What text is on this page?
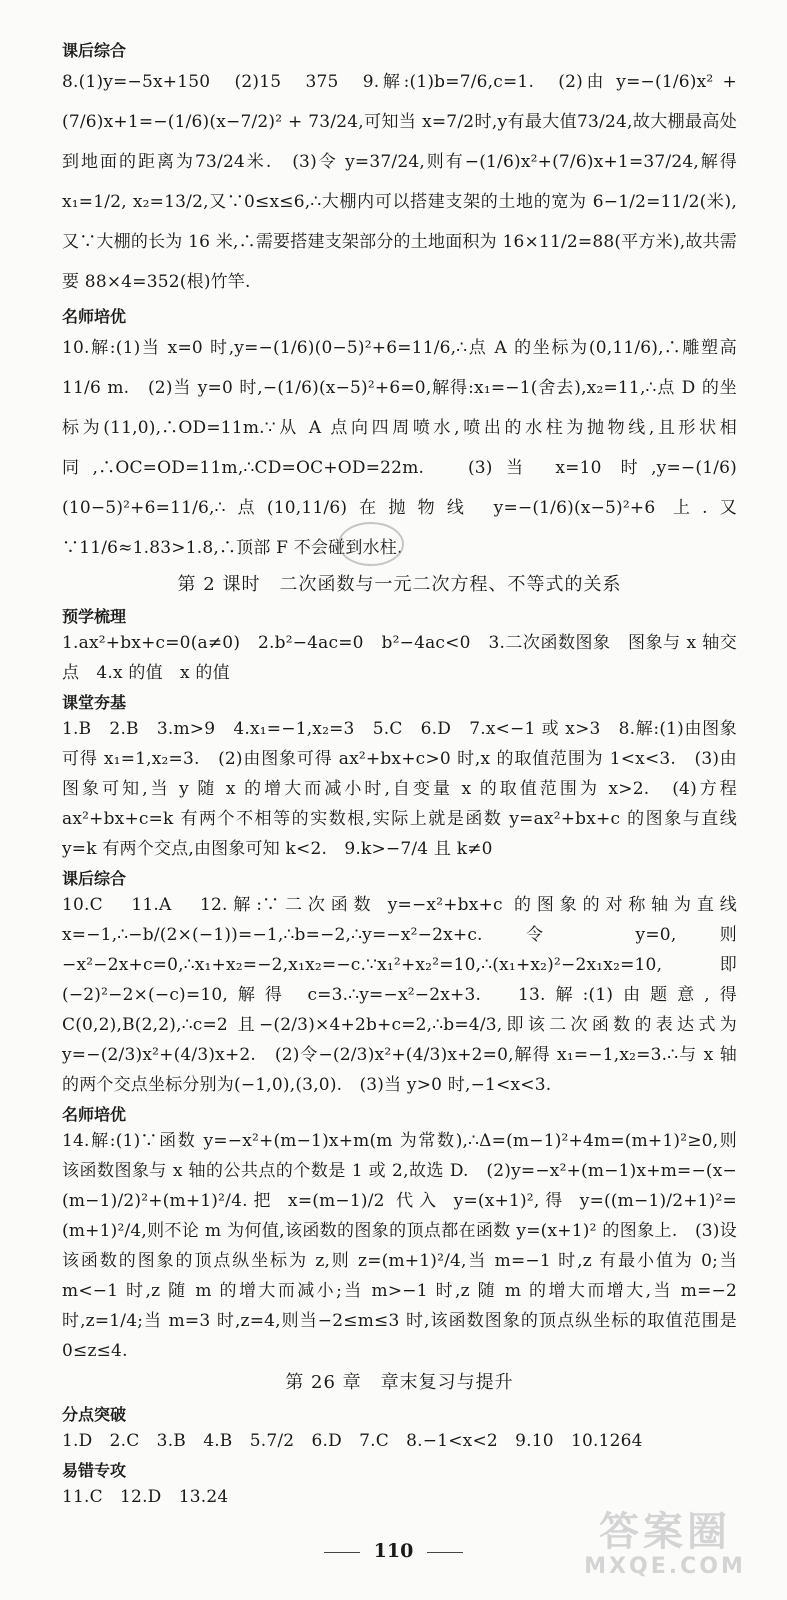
课后综合
8.(1)y=−5x+150　(2)15　375　9.解:(1)b=7/6,c=1.　(2)由 y=−(1/6)x² + (7/6)x+1=−(1/6)(x−7/2)² + 73/24,可知当 x=7/2时,y有最大值73/24,故大棚最高处到地面的距离为73/24米.　(3)令 y=37/24,则有−(1/6)x²+(7/6)x+1=37/24,解得 x₁=1/2, x₂=13/2,又∵0≤x≤6,∴大棚内可以搭建支架的土地的宽为 6−1/2=11/2(米),又∵大棚的长为 16 米,∴需要搭建支架部分的土地面积为 16×11/2=88(平方米),故共需要 88×4=352(根)竹竿.
名师培优
10.解:(1)当 x=0 时,y=−(1/6)(0−5)²+6=11/6,∴点 A 的坐标为(0,11/6),∴雕塑高11/6 m.　(2)当 y=0 时,−(1/6)(x−5)²+6=0,解得:x₁=−1(舍去),x₂=11,∴点 D 的坐标为(11,0),∴OD=11m.∵从 A 点向四周喷水,喷出的水柱为抛物线,且形状相同,∴OC=OD=11m,∴CD=OC+OD=22m.　(3)当 x=10 时,y=−(1/6)(10−5)²+6=11/6,∴点(10,11/6)在抛物线 y=−(1/6)(x−5)²+6 上.又∵11/6≈1.83>1.8,∴顶部 F 不会碰到水柱.
第 2 课时　二次函数与一元二次方程、不等式的关系
预学梳理
1.ax²+bx+c=0(a≠0)　2.b²−4ac=0　b²−4ac<0　3.二次函数图象　图象与 x 轴交点　4.x 的值　x 的值
课堂夯基
1.B　2.B　3.m>9　4.x₁=−1,x₂=3　5.C　6.D　7.x<−1 或 x>3　8.解:(1)由图象可得 x₁=1,x₂=3.　(2)由图象可得 ax²+bx+c>0 时,x 的取值范围为 1<x<3.　(3)由图象可知,当 y 随 x 的增大而减小时,自变量 x 的取值范围为 x>2.　(4)方程 ax²+bx+c=k 有两个不相等的实数根,实际上就是函数 y=ax²+bx+c 的图象与直线 y=k 有两个交点,由图象可知 k<2.　9.k>−7/4 且 k≠0
课后综合
10.C　11.A　12.解:∵二次函数 y=−x²+bx+c 的图象的对称轴为直线 x=−1,∴−b/(2×(−1))=−1,∴b=−2,∴y=−x²−2x+c.令 y=0,则−x²−2x+c=0,∴x₁+x₂=−2,x₁x₂=−c.∵x₁²+x₂²=10,∴(x₁+x₂)²−2x₁x₂=10,即(−2)²−2×(−c)=10,解得 c=3.∴y=−x²−2x+3.　13.解:(1)由题意,得 C(0,2),B(2,2),∴c=2 且−(2/3)×4+2b+c=2,∴b=4/3,即该二次函数的表达式为 y=−(2/3)x²+(4/3)x+2.　(2)令−(2/3)x²+(4/3)x+2=0,解得 x₁=−1,x₂=3.∴与 x 轴的两个交点坐标分别为(−1,0),(3,0).　(3)当 y>0 时,−1<x<3.
名师培优
14.解:(1)∵函数 y=−x²+(m−1)x+m(m 为常数),∴Δ=(m−1)²+4m=(m+1)²≥0,则该函数图象与 x 轴的公共点的个数是 1 或 2,故选 D.　(2)y=−x²+(m−1)x+m=−(x−(m−1)/2)²+(m+1)²/4.把 x=(m−1)/2 代入 y=(x+1)²,得 y=((m−1)/2+1)²=(m+1)²/4,则不论 m 为何值,该函数的图象的顶点都在函数 y=(x+1)² 的图象上.　(3)设该函数的图象的顶点纵坐标为 z,则 z=(m+1)²/4,当 m=−1 时,z 有最小值为 0;当 m<−1 时,z 随 m 的增大而减小;当 m>−1 时,z 随 m 的增大而增大,当 m=−2 时,z=1/4;当 m=3 时,z=4,则当−2≤m≤3 时,该函数图象的顶点纵坐标的取值范围是 0≤z≤4.
第 26 章　章末复习与提升
分点突破
1.D　2.C　3.B　4.B　5.7/2　6.D　7.C　8.−1<x<2　9.10　10.1264
易错专攻
11.C　12.D　13.24
110	答案圈
MXQE.COM
